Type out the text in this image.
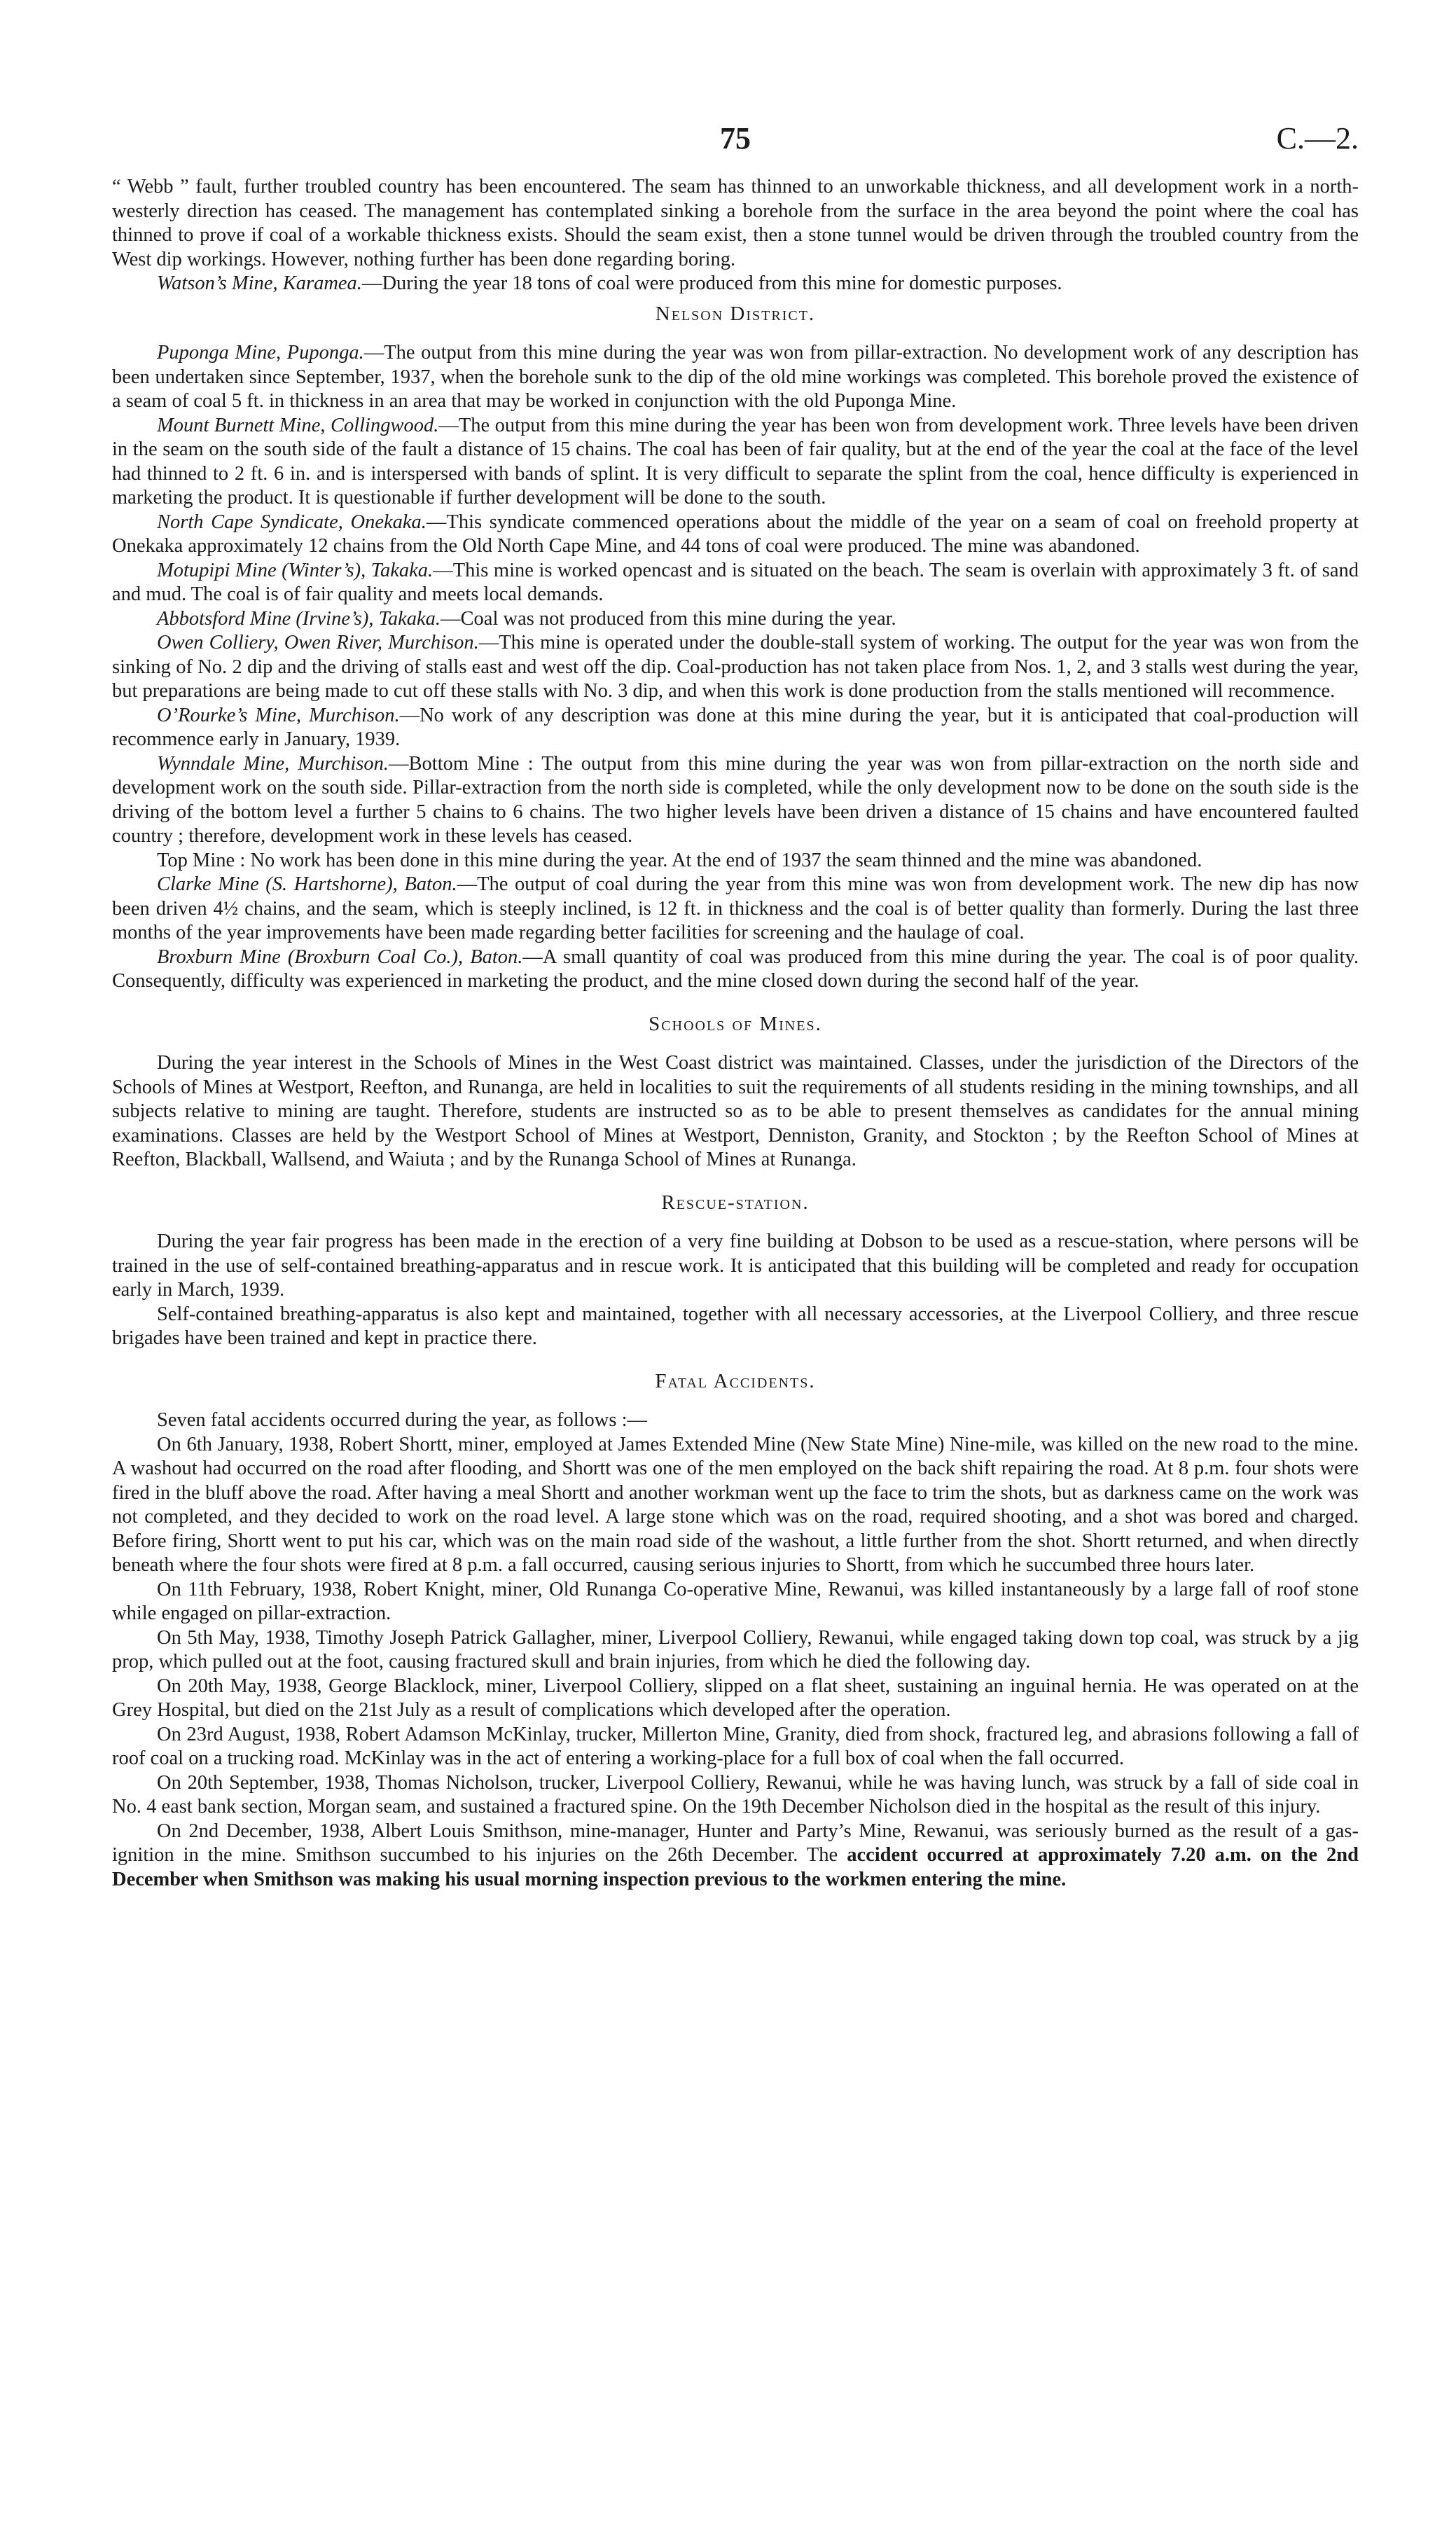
75	C.—2.

“ Webb ” fault, further troubled country has been encountered. The seam has thinned to an unworkable thickness, and all development work in a north-westerly direction has ceased. The management has contemplated sinking a borehole from the surface in the area beyond the point where the coal has thinned to prove if coal of a workable thickness exists. Should the seam exist, then a stone tunnel would be driven through the troubled country from the West dip workings. However, nothing further has been done regarding boring.

Watson’s Mine, Karamea.—During the year 18 tons of coal were produced from this mine for domestic purposes.

Nelson District.

Puponga Mine, Puponga.—The output from this mine during the year was won from pillar-extraction. No development work of any description has been undertaken since September, 1937, when the borehole sunk to the dip of the old mine workings was completed. This borehole proved the existence of a seam of coal 5 ft. in thickness in an area that may be worked in conjunction with the old Puponga Mine.

Mount Burnett Mine, Collingwood.—The output from this mine during the year has been won from development work. Three levels have been driven in the seam on the south side of the fault a distance of 15 chains. The coal has been of fair quality, but at the end of the year the coal at the face of the level had thinned to 2 ft. 6 in. and is interspersed with bands of splint. It is very difficult to separate the splint from the coal, hence difficulty is experienced in marketing the product. It is questionable if further development will be done to the south.

North Cape Syndicate, Onekaka.—This syndicate commenced operations about the middle of the year on a seam of coal on freehold property at Onekaka approximately 12 chains from the Old North Cape Mine, and 44 tons of coal were produced. The mine was abandoned.

Motupipi Mine (Winter’s), Takaka.—This mine is worked opencast and is situated on the beach. The seam is overlain with approximately 3 ft. of sand and mud. The coal is of fair quality and meets local demands.

Abbotsford Mine (Irvine’s), Takaka.—Coal was not produced from this mine during the year.

Owen Colliery, Owen River, Murchison.—This mine is operated under the double-stall system of working. The output for the year was won from the sinking of No. 2 dip and the driving of stalls east and west off the dip. Coal-production has not taken place from Nos. 1, 2, and 3 stalls west during the year, but preparations are being made to cut off these stalls with No. 3 dip, and when this work is done production from the stalls mentioned will recommence.

O’Rourke’s Mine, Murchison.—No work of any description was done at this mine during the year, but it is anticipated that coal-production will recommence early in January, 1939.

Wynndale Mine, Murchison.—Bottom Mine : The output from this mine during the year was won from pillar-extraction on the north side and development work on the south side. Pillar-extraction from the north side is completed, while the only development now to be done on the south side is the driving of the bottom level a further 5 chains to 6 chains. The two higher levels have been driven a distance of 15 chains and have encountered faulted country ; therefore, development work in these levels has ceased.

Top Mine : No work has been done in this mine during the year. At the end of 1937 the seam thinned and the mine was abandoned.

Clarke Mine (S. Hartshorne), Baton.—The output of coal during the year from this mine was won from development work. The new dip has now been driven 4½ chains, and the seam, which is steeply inclined, is 12 ft. in thickness and the coal is of better quality than formerly. During the last three months of the year improvements have been made regarding better facilities for screening and the haulage of coal.

Broxburn Mine (Broxburn Coal Co.), Baton.—A small quantity of coal was produced from this mine during the year. The coal is of poor quality. Consequently, difficulty was experienced in marketing the product, and the mine closed down during the second half of the year.

Schools of Mines.

During the year interest in the Schools of Mines in the West Coast district was maintained. Classes, under the jurisdiction of the Directors of the Schools of Mines at Westport, Reefton, and Runanga, are held in localities to suit the requirements of all students residing in the mining townships, and all subjects relative to mining are taught. Therefore, students are instructed so as to be able to present themselves as candidates for the annual mining examinations. Classes are held by the Westport School of Mines at Westport, Denniston, Granity, and Stockton ; by the Reefton School of Mines at Reefton, Blackball, Wallsend, and Waiuta ; and by the Runanga School of Mines at Runanga.

Rescue-station.

During the year fair progress has been made in the erection of a very fine building at Dobson to be used as a rescue-station, where persons will be trained in the use of self-contained breathing-apparatus and in rescue work. It is anticipated that this building will be completed and ready for occupation early in March, 1939.

Self-contained breathing-apparatus is also kept and maintained, together with all necessary accessories, at the Liverpool Colliery, and three rescue brigades have been trained and kept in practice there.

Fatal Accidents.

Seven fatal accidents occurred during the year, as follows :—

On 6th January, 1938, Robert Shortt, miner, employed at James Extended Mine (New State Mine) Nine-mile, was killed on the new road to the mine. A washout had occurred on the road after flooding, and Shortt was one of the men employed on the back shift repairing the road. At 8 p.m. four shots were fired in the bluff above the road. After having a meal Shortt and another workman went up the face to trim the shots, but as darkness came on the work was not completed, and they decided to work on the road level. A large stone which was on the road, required shooting, and a shot was bored and charged. Before firing, Shortt went to put his car, which was on the main road side of the washout, a little further from the shot. Shortt returned, and when directly beneath where the four shots were fired at 8 p.m. a fall occurred, causing serious injuries to Shortt, from which he succumbed three hours later.

On 11th February, 1938, Robert Knight, miner, Old Runanga Co-operative Mine, Rewanui, was killed instantaneously by a large fall of roof stone while engaged on pillar-extraction.

On 5th May, 1938, Timothy Joseph Patrick Gallagher, miner, Liverpool Colliery, Rewanui, while engaged taking down top coal, was struck by a jig prop, which pulled out at the foot, causing fractured skull and brain injuries, from which he died the following day.

On 20th May, 1938, George Blacklock, miner, Liverpool Colliery, slipped on a flat sheet, sustaining an inguinal hernia. He was operated on at the Grey Hospital, but died on the 21st July as a result of complications which developed after the operation.

On 23rd August, 1938, Robert Adamson McKinlay, trucker, Millerton Mine, Granity, died from shock, fractured leg, and abrasions following a fall of roof coal on a trucking road. McKinlay was in the act of entering a working-place for a full box of coal when the fall occurred.

On 20th September, 1938, Thomas Nicholson, trucker, Liverpool Colliery, Rewanui, while he was having lunch, was struck by a fall of side coal in No. 4 east bank section, Morgan seam, and sustained a fractured spine. On the 19th December Nicholson died in the hospital as the result of this injury.

On 2nd December, 1938, Albert Louis Smithson, mine-manager, Hunter and Party’s Mine, Rewanui, was seriously burned as the result of a gas-ignition in the mine. Smithson succumbed to his injuries on the 26th December. The accident occurred at approximately 7.20 a.m. on the 2nd December when Smithson was making his usual morning inspection previous to the workmen entering the mine.
